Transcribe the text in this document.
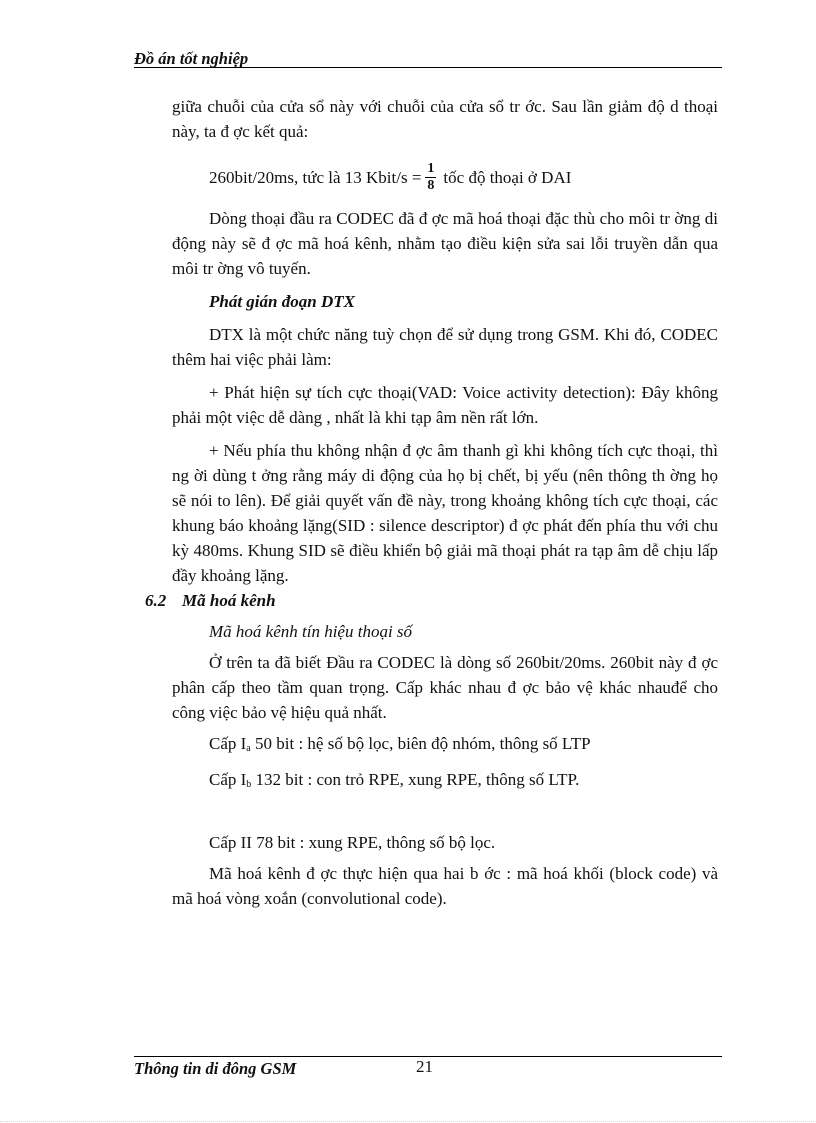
Đồ án tốt nghiệp

giữa chuỗi của cửa sổ này với chuỗi của cửa sổ tr ớc. Sau lần giảm độ d thoại này, ta đ ợc kết quả:

260bit/20ms, tức là 13 Kbit/s = $\frac{1}{8}$ tốc độ thoại ở DAI

Dòng thoại đầu ra CODEC đã đ ợc mã hoá thoại đặc thù cho môi tr ờng di động này sẽ đ ợc mã hoá kênh, nhằm tạo điều kiện sửa sai lỗi truyền dẫn qua môi tr ờng vô tuyến.

Phát gián đoạn DTX

DTX là một chức năng tuỳ chọn để sử dụng trong GSM. Khi đó, CODEC thêm hai việc phải làm:

+ Phát hiện sự tích cực thoại(VAD: Voice activity detection): Đây không phải một việc dễ dàng , nhất là khi tạp âm nền rất lớn.

+ Nếu phía thu không nhận đ ợc âm thanh gì khi không tích cực thoại, thì ng ời dùng t ởng rằng máy di động của họ bị chết, bị yếu (nên thông th ờng họ sẽ nói to lên). Để giải quyết vấn đề này, trong khoảng không tích cực thoại, các khung báo khoảng lặng(SID : silence descriptor) đ ợc phát đến phía thu với chu kỳ 480ms. Khung SID sẽ điều khiển bộ giải mã thoại phát ra tạp âm dễ chịu lấp đầy khoảng lặng.

6.2 Mã hoá kênh

Mã hoá kênh tín hiệu thoại số

Ở trên ta đã biết Đầu ra CODEC là dòng số 260bit/20ms. 260bit này đ ợc phân cấp theo tầm quan trọng. Cấp khác nhau đ ợc bảo vệ khác nhauđể cho công việc bảo vệ hiệu quả nhất.

Cấp $I_a$ 50 bit : hệ số bộ lọc, biên độ nhóm, thông số LTP

Cấp $I_b$ 132 bit : con trỏ RPE, xung RPE, thông số LTP.

Cấp II 78 bit : xung RPE, thông số bộ lọc.

Mã hoá kênh đ ợc thực hiện qua hai b ớc : mã hoá khối (block code) và mã hoá vòng xoắn (convolutional code).

Thông tin di đông GSM	21
